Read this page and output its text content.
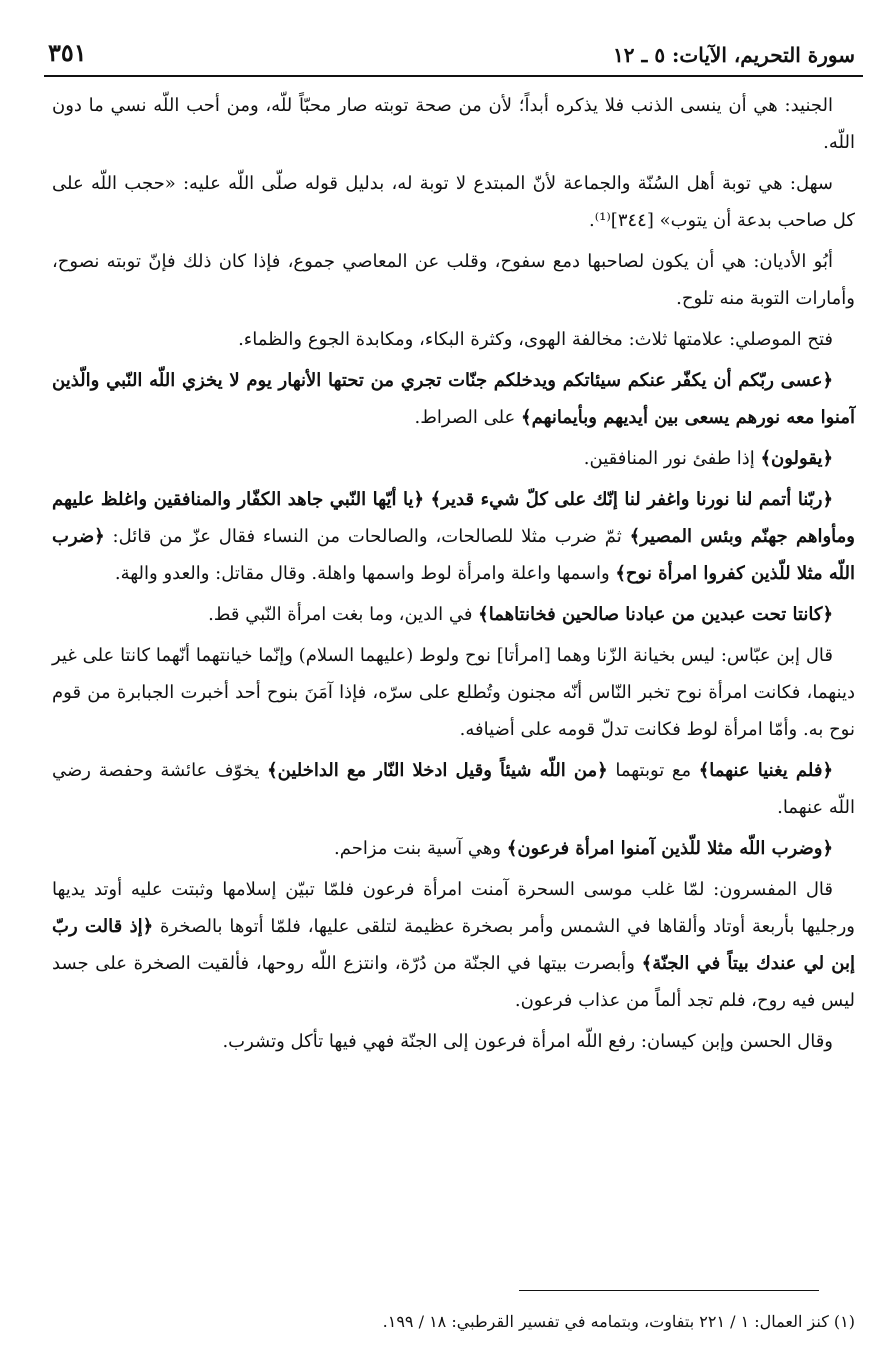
سورة التحريم، الآيات: ٥ ـ ١٢
٣٥١

الجنيد: هي أن ينسى الذنب فلا يذكره أبداً؛ لأن من صحة توبته صار محبّاً للّه، ومن أحب اللّه نسي ما دون اللّه.

سهل: هي توبة أهل السُنّة والجماعة لأنّ المبتدع لا توبة له، بدليل قوله صلّى اللّه عليه: «حجب اللّه على كل صاحب بدعة أن يتوب» [٣٤٤]⁽¹⁾.

أبُو الأديان: هي أن يكون لصاحبها دمع سفوح، وقلب عن المعاصي جموع، فإذا كان ذلك فإنّ توبته نصوح، وأمارات التوبة منه تلوح.

فتح الموصلي: علامتها ثلاث: مخالفة الهوى، وكثرة البكاء، ومكابدة الجوع والظماء.

﴿عسى ربّكم أن يكفّر عنكم سيئاتكم ويدخلكم جنّات تجري من تحتها الأنهار يوم لا يخزي اللّه النّبي والّذين آمنوا معه نورهم يسعى بين أيديهم وبأيمانهم﴾ على الصراط.

﴿يقولون﴾ إذا طفئ نور المنافقين.

﴿ربّنا أتمم لنا نورنا واغفر لنا إنّك على كلّ شيء قدير﴾ ﴿يا أيّها النّبي جاهد الكفّار والمنافقين واغلظ عليهم ومأواهم جهنّم وبئس المصير﴾ ثمّ ضرب مثلا للصالحات، والصالحات من النساء فقال عزّ من قائل: ﴿ضرب اللّه مثلا للّذين كفروا امرأة نوح﴾ واسمها واعلة وامرأة لوط واسمها واهلة. وقال مقاتل: والعدو والهة.

﴿كانتا تحت عبدين من عبادنا صالحين فخانتاهما﴾ في الدين، وما بغت امرأة النّبي قط.

قال إبن عبّاس: ليس بخيانة الزّنا وهما [امرأتا] نوح ولوط (عليهما السلام) وإنّما خيانتهما أنّهما كانتا على غير دينهما، فكانت امرأة نوح تخبر النّاس أنّه مجنون وتُطلع على سرّه، فإذا آمَنَ بنوح أحد أخبرت الجبابرة من قوم نوح به. وأمّا امرأة لوط فكانت تدلّ قومه على أضيافه.

﴿فلم يغنيا عنهما﴾ مع توبتهما ﴿من اللّه شيئاً وقيل ادخلا النّار مع الداخلين﴾ يخوّف عائشة وحفصة رضي اللّه عنهما.

﴿وضرب اللّه مثلا للّذين آمنوا امرأة فرعون﴾ وهي آسية بنت مزاحم.

قال المفسرون: لمّا غلب موسى السحرة آمنت امرأة فرعون فلمّا تبيّن إسلامها وثبتت عليه أوتد يديها ورجليها بأربعة أوتاد وألقاها في الشمس وأمر بصخرة عظيمة لتلقى عليها، فلمّا أتوها بالصخرة ﴿إذ قالت ربّ إبن لي عندك بيتاً في الجنّة﴾ وأبصرت بيتها في الجنّة من دُرّة، وانتزع اللّه روحها، فألقيت الصخرة على جسد ليس فيه روح، فلم تجد ألماً من عذاب فرعون.

وقال الحسن وإبن كيسان: رفع اللّه امرأة فرعون إلى الجنّة فهي فيها تأكل وتشرب.

(١) كنز العمال: ١ / ٢٢١ بتفاوت، وبتمامه في تفسير القرطبي: ١٨ / ١٩٩.
